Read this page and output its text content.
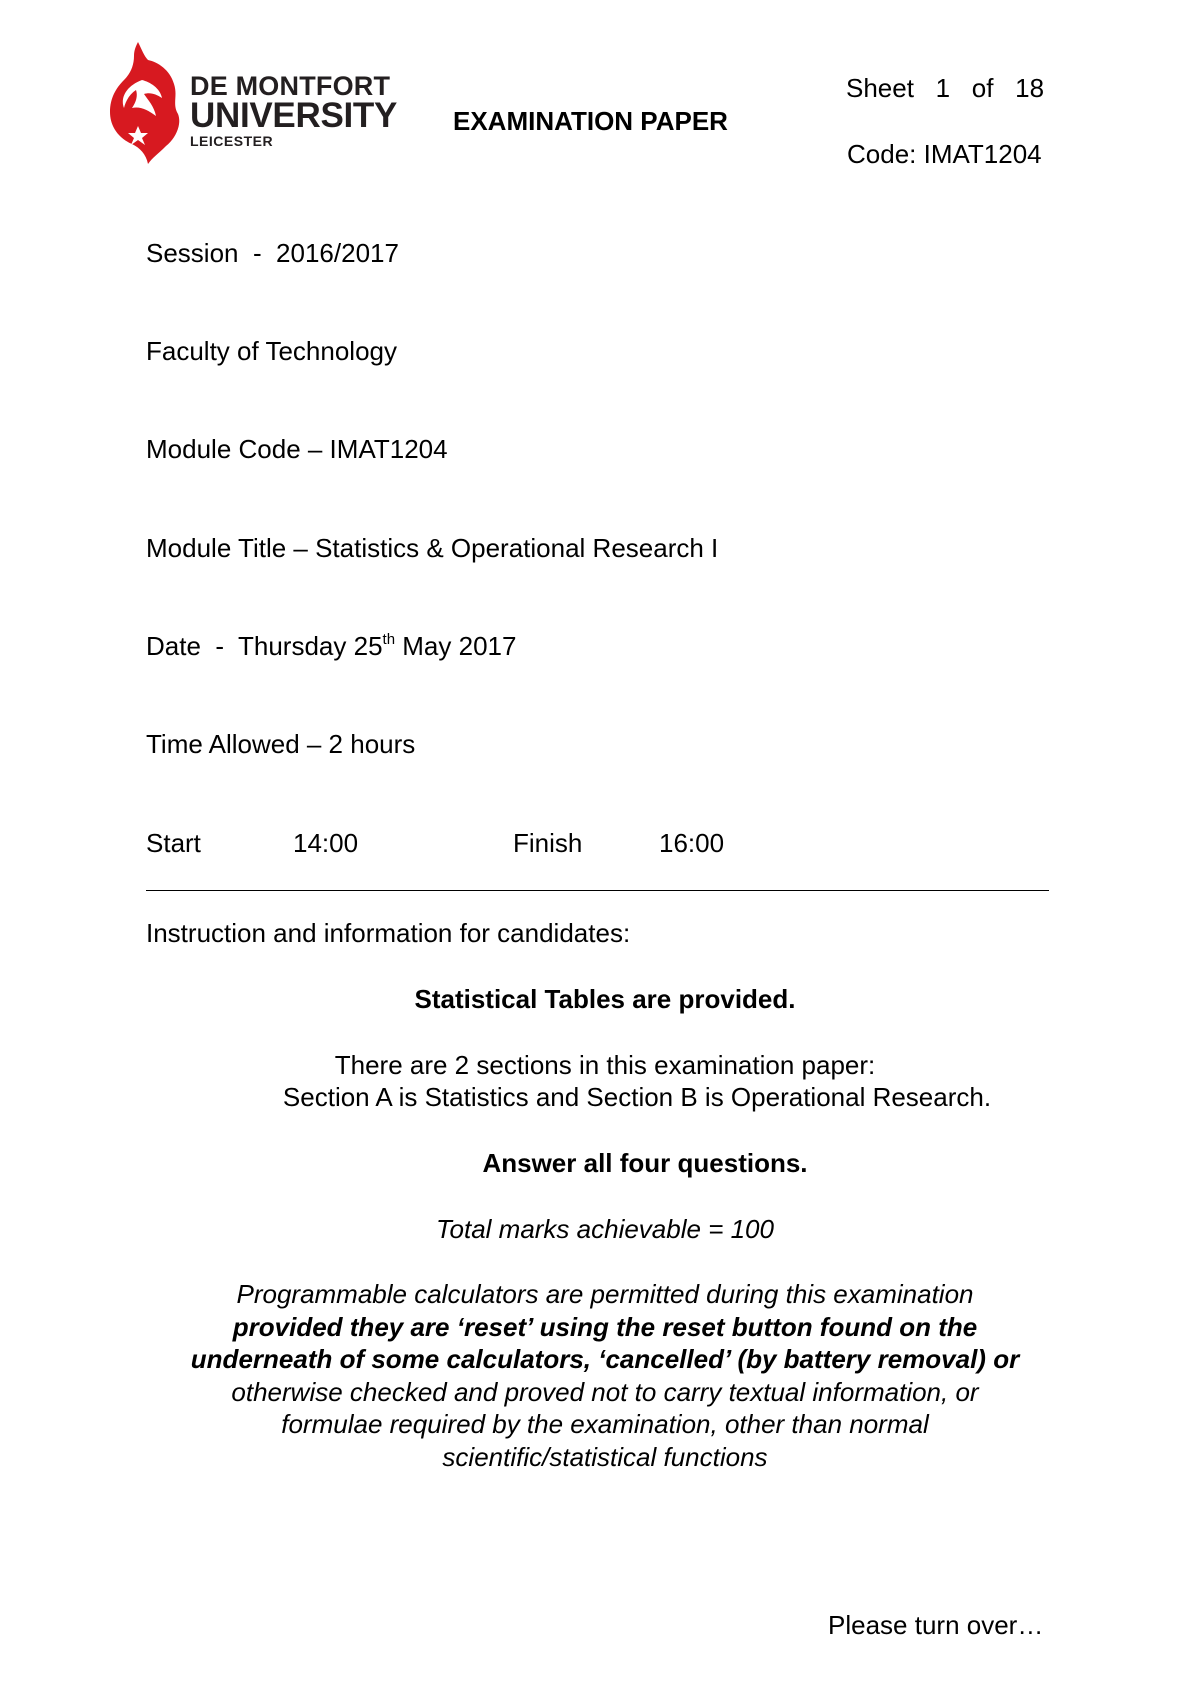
DE MONTFORT
UNIVERSITY
LEICESTER
EXAMINATION PAPER
Sheet 1 of 18
Code: IMAT1204
Session  -  2016/2017
Faculty of Technology
Module Code – IMAT1204
Module Title – Statistics & Operational Research I
Date  -  Thursday 25th May 2017
Time Allowed – 2 hours
Start	14:00	Finish	16:00
Instruction and information for candidates:
Statistical Tables are provided.
There are 2 sections in this examination paper:
Section A is Statistics and Section B is Operational Research.
Answer all four questions.
Total marks achievable = 100
Programmable calculators are permitted during this examination
provided they are ‘reset’ using the reset button found on the
underneath of some calculators, ‘cancelled’ (by battery removal) or
otherwise checked and proved not to carry textual information, or
formulae required by the examination, other than normal
scientific/statistical functions
Please turn over…
